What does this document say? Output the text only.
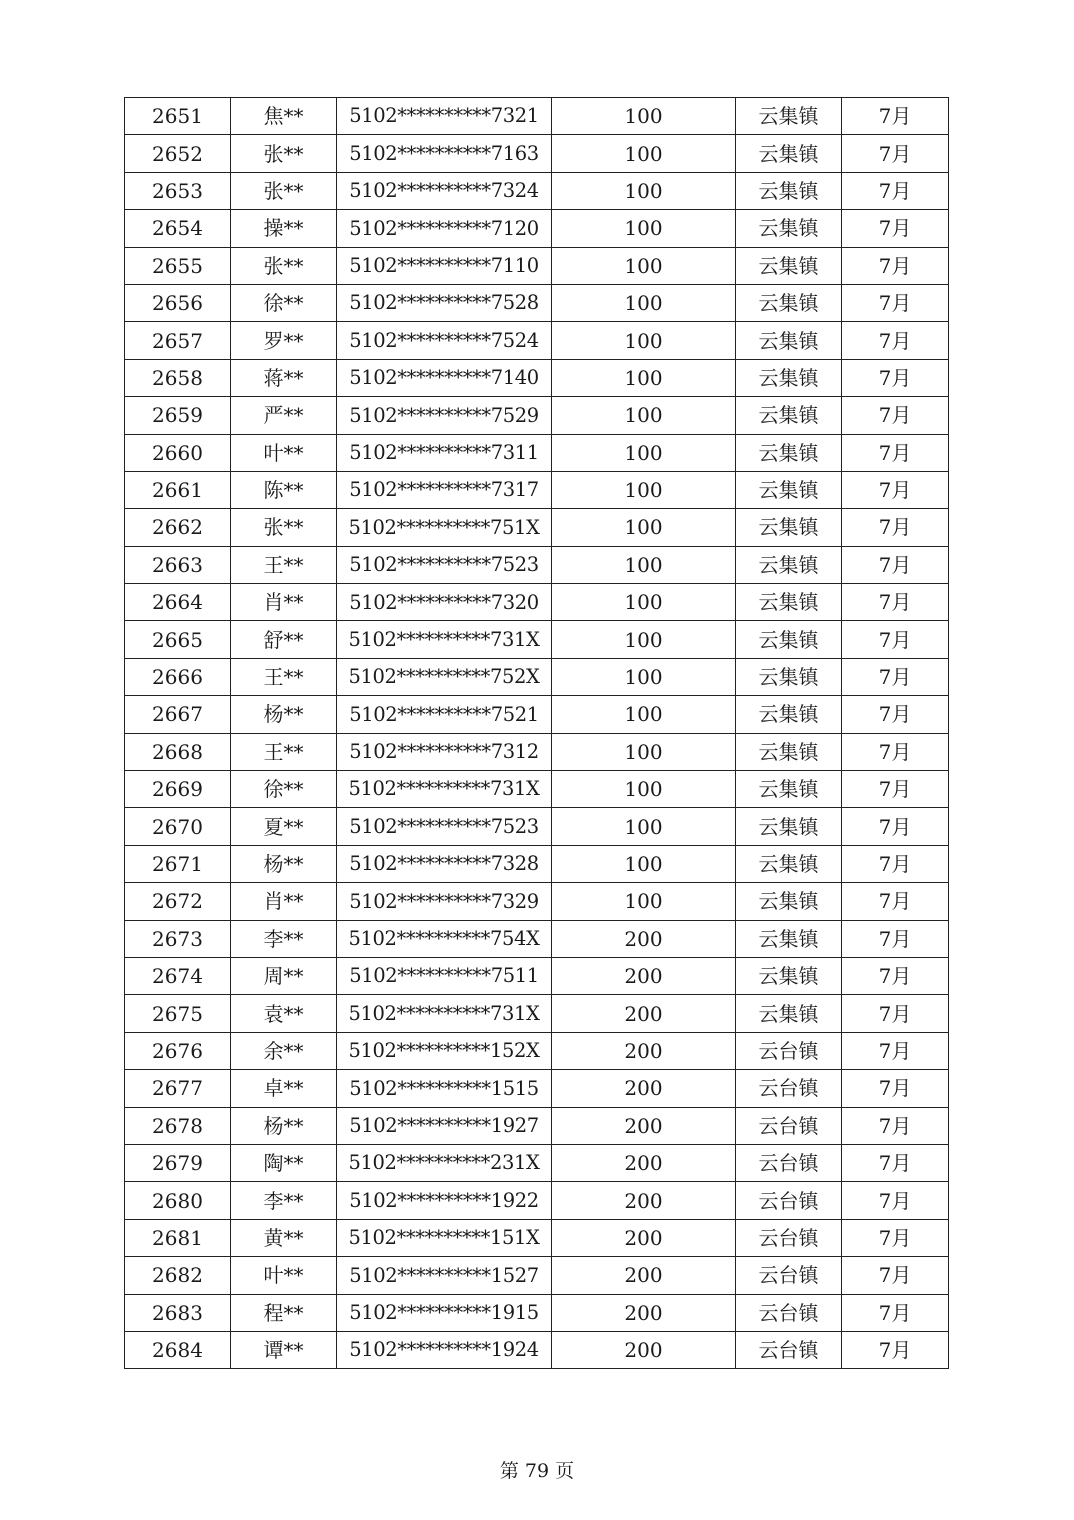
2651	焦**	5102**********7321	100	云集镇	7月
2652	张**	5102**********7163	100	云集镇	7月
2653	张**	5102**********7324	100	云集镇	7月
2654	操**	5102**********7120	100	云集镇	7月
2655	张**	5102**********7110	100	云集镇	7月
2656	徐**	5102**********7528	100	云集镇	7月
2657	罗**	5102**********7524	100	云集镇	7月
2658	蒋**	5102**********7140	100	云集镇	7月
2659	严**	5102**********7529	100	云集镇	7月
2660	叶**	5102**********7311	100	云集镇	7月
2661	陈**	5102**********7317	100	云集镇	7月
2662	张**	5102**********751X	100	云集镇	7月
2663	王**	5102**********7523	100	云集镇	7月
2664	肖**	5102**********7320	100	云集镇	7月
2665	舒**	5102**********731X	100	云集镇	7月
2666	王**	5102**********752X	100	云集镇	7月
2667	杨**	5102**********7521	100	云集镇	7月
2668	王**	5102**********7312	100	云集镇	7月
2669	徐**	5102**********731X	100	云集镇	7月
2670	夏**	5102**********7523	100	云集镇	7月
2671	杨**	5102**********7328	100	云集镇	7月
2672	肖**	5102**********7329	100	云集镇	7月
2673	李**	5102**********754X	200	云集镇	7月
2674	周**	5102**********7511	200	云集镇	7月
2675	袁**	5102**********731X	200	云集镇	7月
2676	余**	5102**********152X	200	云台镇	7月
2677	卓**	5102**********1515	200	云台镇	7月
2678	杨**	5102**********1927	200	云台镇	7月
2679	陶**	5102**********231X	200	云台镇	7月
2680	李**	5102**********1922	200	云台镇	7月
2681	黄**	5102**********151X	200	云台镇	7月
2682	叶**	5102**********1527	200	云台镇	7月
2683	程**	5102**********1915	200	云台镇	7月
2684	谭**	5102**********1924	200	云台镇	7月
第 79 页
